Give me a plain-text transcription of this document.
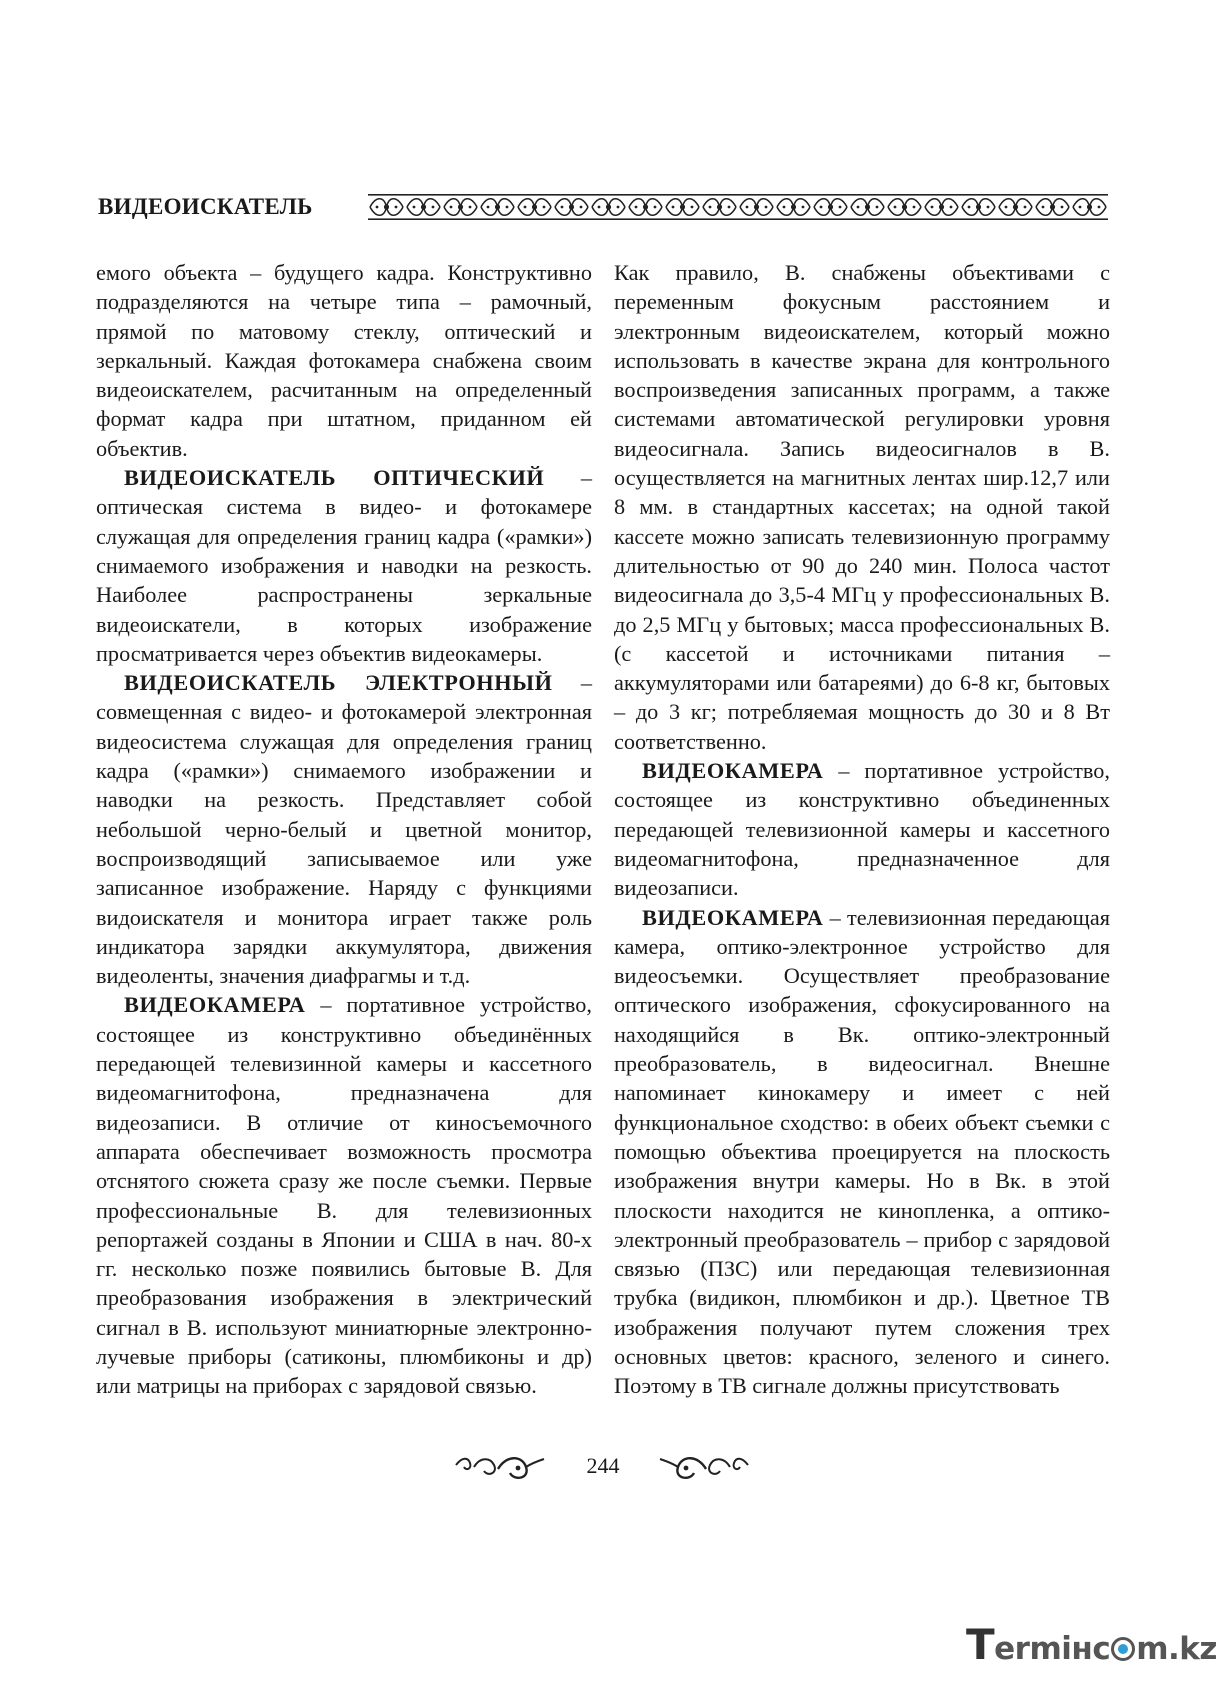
ВИДЕОИСКАТЕЛЬ

емого объекта – будущего кадра. Конструктивно подразделяются на четыре типа – рамочный, прямой по матовому стеклу, оптический и зеркальный. Каждая фотокамера снабжена своим видеоискателем, расчитанным на определенный формат кадра при штатном, приданном ей объектив.

ВИДЕОИСКАТЕЛЬ ОПТИЧЕСКИЙ – оптическая система в видео- и фотокамере служащая для определения границ кадра («рамки») снимаемого изображения и наводки на резкость. Наиболее распространены зеркальные видеоискатели, в которых изображение просматривается через объектив видеокамеры.

ВИДЕОИСКАТЕЛЬ ЭЛЕКТРОННЫЙ – совмещенная с видео- и фотокамерой электронная видеосистема служащая для определения границ кадра («рамки») снимаемого изображении и наводки на резкость. Представляет собой небольшой черно-белый и цветной монитор, воспроизводящий записываемое или уже записанное изображение. Наряду с функциями видоискателя и монитора играет также роль индикатора зарядки аккумулятора, движения видеоленты, значения диафрагмы и т.д.

ВИДЕОКАМЕРА – портативное устройство, состоящее из конструктивно объединённых передающей телевизинной камеры и кассетного видеомагнитофона, предназначена для видеозаписи. В отличие от киносъемочного аппарата обеспечивает возможность просмотра отснятого сюжета сразу же после съемки. Первые профессиональные В. для телевизионных репортажей созданы в Японии и США в нач. 80-х гг. несколько позже появились бытовые В. Для преобразования изображения в электрический сигнал в В. используют миниатюрные электронно-лучевые приборы (сатиконы, плюмбиконы и др) или матрицы на приборах с зарядовой связью.

Как правило, В. снабжены объективами с переменным фокусным расстоянием и электронным видеоискателем, который можно использовать в качестве экрана для контрольного воспроизведения записанных программ, а также системами автоматической регулировки уровня видеосигнала. Запись видеосигналов в В. осуществляется на магнитных лентах шир.12,7 или 8 мм. в стандартных кассетах; на одной такой кассете можно записать телевизионную программу длительностью от 90 до 240 мин. Полоса частот видеосигнала до 3,5-4 МГц у профессиональных В. до 2,5 МГц у бытовых; масса профессиональных В. (с кассетой и источниками питания – аккумуляторами или батареями) до 6-8 кг, бытовых – до 3 кг; потребляемая мощность до 30 и 8 Вт соответственно.

ВИДЕОКАМЕРА – портативное устройство, состоящее из конструктивно объединенных передающей телевизионной камеры и кассетного видеомагнитофона, предназначенное для видеозаписи.

ВИДЕОКАМЕРА – телевизионная передающая камера, оптико-электронное устройство для видеосъемки. Осуществляет преобразование оптического изображения, сфокусированного на находящийся в Вк. оптико-электронный преобразователь, в видеосигнал. Внешне напоминает кинокамеру и имеет с ней функциональное сходство: в обеих объект съемки с помощью объектива проецируется на плоскость изображения внутри камеры. Но в Вк. в этой плоскости находится не кинопленка, а оптико-электронный преобразователь – прибор с зарядовой связью (ПЗС) или передающая телевизионная трубка (видикон, плюмбикон и др.). Цветное ТВ изображения получают путем сложения трех основных цветов: красного, зеленого и синего. Поэтому в ТВ сигнале должны присутствовать

244
Termінc m.kz
